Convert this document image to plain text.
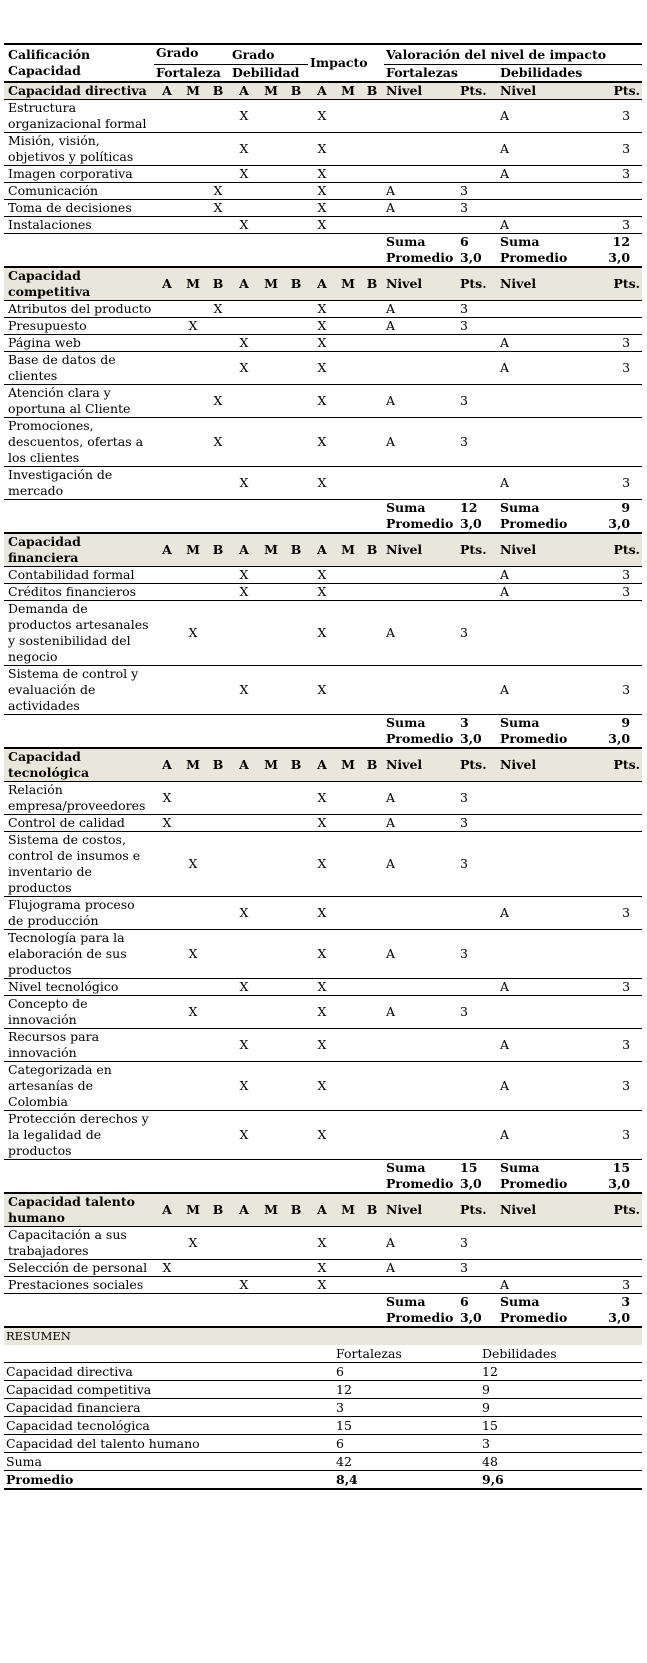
Calificación Capacidad	Grado			Grado			Impacto			Valoración del nivel de impacto			
	Fortaleza			Debilidad						Fortalezas		Debilidades	
Capacidad directiva	A	M	B	A	M	B	A	M	B	Nivel	Pts.	Nivel	Pts.
Estructura organizacional formal				X			X					A	3
Misión, visión, objetivos y políticas				X			X					A	3
Imagen corporativa				X			X					A	3
Comunicación			X				X			A	3		
Toma de decisiones			X				X			A	3		
Instalaciones				X			X					A	3
										Suma	6	Suma	12
										Promedio	3,0	Promedio	3,0
Capacidad competitiva	A	M	B	A	M	B	A	M	B	Nivel	Pts.	Nivel	Pts.
Atributos del producto			X				X			A	3		
Presupuesto		X					X			A	3		
Página web				X			X					A	3
Base de datos de clientes				X			X					A	3
Atención clara y oportuna al Cliente			X				X			A	3		
Promociones, descuentos, ofertas a los clientes			X				X			A	3		
Investigación de mercado				X			X					A	3
										Suma	12	Suma	9
										Promedio	3,0	Promedio	3,0
Capacidad financiera	A	M	B	A	M	B	A	M	B	Nivel	Pts.	Nivel	Pts.
Contabilidad formal				X			X					A	3
Créditos financieros				X			X					A	3
Demanda de productos artesanales y sostenibilidad del negocio		X					X			A	3		
Sistema de control y evaluación de actividades				X			X					A	3
										Suma	3	Suma	9
										Promedio	3,0	Promedio	3,0
Capacidad tecnológica	A	M	B	A	M	B	A	M	B	Nivel	Pts.	Nivel	Pts.
Relación empresa/proveedores	X						X			A	3		
Control de calidad	X						X			A	3		
Sistema de costos, control de insumos e inventario de productos		X					X			A	3		
Flujograma proceso de producción				X			X					A	3
Tecnología para la elaboración de sus productos		X					X			A	3		
Nivel tecnológico				X			X					A	3
Concepto de innovación		X					X			A	3		
Recursos para innovación				X			X					A	3
Categorizada en artesanías de Colombia				X			X					A	3
Protección derechos y la legalidad de productos				X			X					A	3
										Suma	15	Suma	15
										Promedio	3,0	Promedio	3,0
Capacidad talento humano	A	M	B	A	M	B	A	M	B	Nivel	Pts.	Nivel	Pts.
Capacitación a sus trabajadores		X					X			A	3		
Selección de personal	X						X			A	3		
Prestaciones sociales				X			X					A	3
										Suma	6	Suma	3
										Promedio	3,0	Promedio	3,0
RESUMEN		
	Fortalezas	Debilidades
Capacidad directiva	6	12
Capacidad competitiva	12	9
Capacidad financiera	3	9
Capacidad tecnológica	15	15
Capacidad del talento humano	6	3
Suma	42	48
Promedio	8,4	9,6
